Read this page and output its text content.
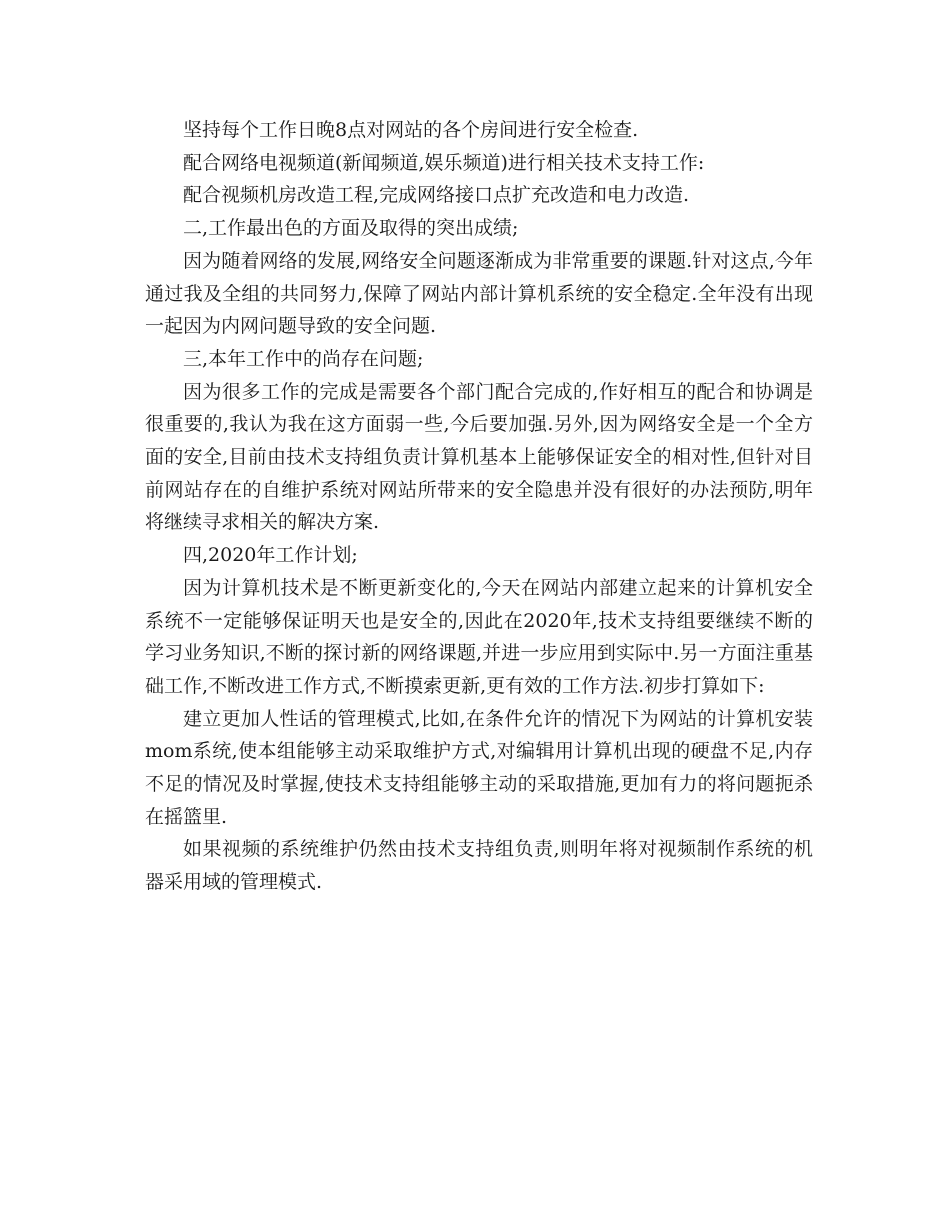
坚持每个工作日晚8点对网站的各个房间进行安全检查.

配合网络电视频道(新闻频道,娱乐频道)进行相关技术支持工作:

配合视频机房改造工程,完成网络接口点扩充改造和电力改造.

二,工作最出色的方面及取得的突出成绩;

因为随着网络的发展,网络安全问题逐渐成为非常重要的课题.针对这点,今年通过我及全组的共同努力,保障了网站内部计算机系统的安全稳定.全年没有出现一起因为内网问题导致的安全问题.

三,本年工作中的尚存在问题;

因为很多工作的完成是需要各个部门配合完成的,作好相互的配合和协调是很重要的,我认为我在这方面弱一些,今后要加强.另外,因为网络安全是一个全方面的安全,目前由技术支持组负责计算机基本上能够保证安全的相对性,但针对目前网站存在的自维护系统对网站所带来的安全隐患并没有很好的办法预防,明年将继续寻求相关的解决方案.

四,2020年工作计划;

因为计算机技术是不断更新变化的,今天在网站内部建立起来的计算机安全系统不一定能够保证明天也是安全的,因此在2020年,技术支持组要继续不断的学习业务知识,不断的探讨新的网络课题,并进一步应用到实际中.另一方面注重基础工作,不断改进工作方式,不断摸索更新,更有效的工作方法.初步打算如下:

建立更加人性话的管理模式,比如,在条件允许的情况下为网站的计算机安装mom系统,使本组能够主动采取维护方式,对编辑用计算机出现的硬盘不足,内存不足的情况及时掌握,使技术支持组能够主动的采取措施,更加有力的将问题扼杀在摇篮里.

如果视频的系统维护仍然由技术支持组负责,则明年将对视频制作系统的机器采用域的管理模式.
